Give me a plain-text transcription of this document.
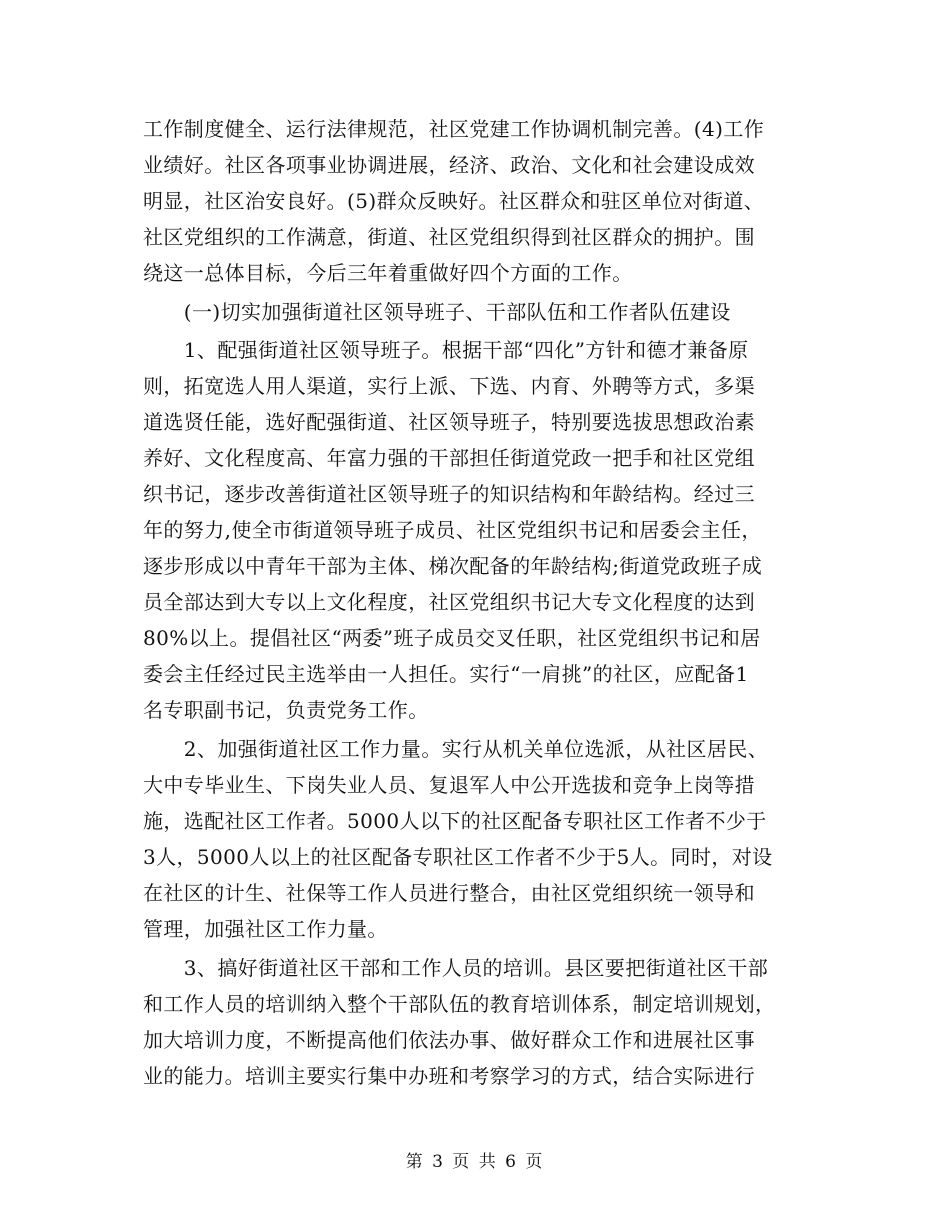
工作制度健全、运行法律规范，社区党建工作协调机制完善。(4)工作
业绩好。社区各项事业协调进展，经济、政治、文化和社会建设成效
明显，社区治安良好。(5)群众反映好。社区群众和驻区单位对街道、
社区党组织的工作满意，街道、社区党组织得到社区群众的拥护。围
绕这一总体目标，今后三年着重做好四个方面的工作。
　　(一)切实加强街道社区领导班子、干部队伍和工作者队伍建设
　　1、配强街道社区领导班子。根据干部“四化”方针和德才兼备原
则，拓宽选人用人渠道，实行上派、下选、内育、外聘等方式，多渠
道选贤任能，选好配强街道、社区领导班子，特别要选拔思想政治素
养好、文化程度高、年富力强的干部担任街道党政一把手和社区党组
织书记，逐步改善街道社区领导班子的知识结构和年龄结构。经过三
年的努力,使全市街道领导班子成员、社区党组织书记和居委会主任，
逐步形成以中青年干部为主体、梯次配备的年龄结构;街道党政班子成
员全部达到大专以上文化程度，社区党组织书记大专文化程度的达到
80%以上。提倡社区“两委”班子成员交叉任职，社区党组织书记和居
委会主任经过民主选举由一人担任。实行“一肩挑”的社区，应配备1
名专职副书记，负责党务工作。
　　2、加强街道社区工作力量。实行从机关单位选派，从社区居民、
大中专毕业生、下岗失业人员、复退军人中公开选拔和竞争上岗等措
施，选配社区工作者。5000人以下的社区配备专职社区工作者不少于
3人，5000人以上的社区配备专职社区工作者不少于5人。同时，对设
在社区的计生、社保等工作人员进行整合，由社区党组织统一领导和
管理，加强社区工作力量。
　　3、搞好街道社区干部和工作人员的培训。县区要把街道社区干部
和工作人员的培训纳入整个干部队伍的教育培训体系，制定培训规划，
加大培训力度，不断提高他们依法办事、做好群众工作和进展社区事
业的能力。培训主要实行集中办班和考察学习的方式，结合实际进行
第 3 页 共 6 页
